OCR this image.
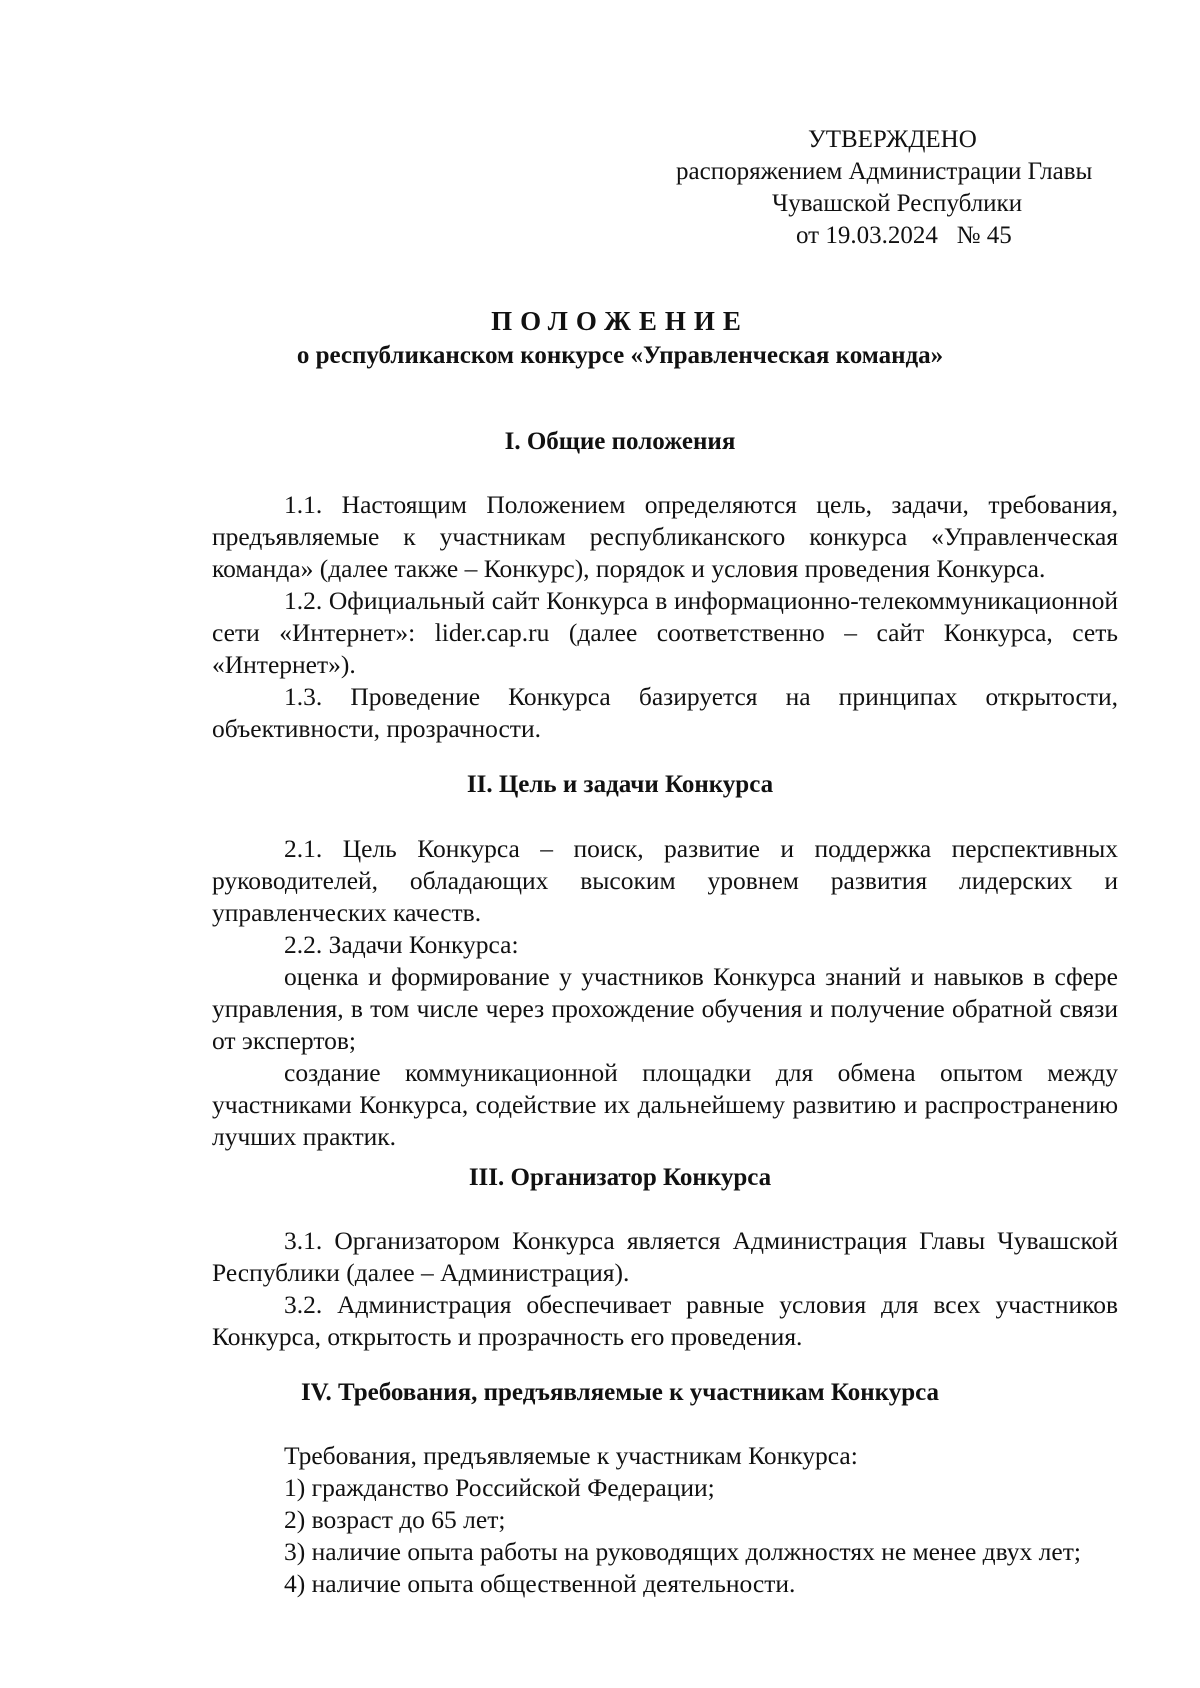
УТВЕРЖДЕНО
распоряжением Администрации Главы
Чувашской Республики
от 19.03.2024   № 45
ПОЛОЖЕНИЕ
о республиканском конкурсе «Управленческая команда»
I. Общие положения
1.1. Настоящим Положением определяются цель, задачи, требования, предъявляемые к участникам республиканского конкурса «Управленческая команда» (далее также – Конкурс), порядок и условия проведения Конкурса.
1.2. Официальный сайт Конкурса в информационно-телекоммуникационной сети «Интернет»: lider.cap.ru (далее соответственно – сайт Конкурса, сеть «Интернет»).
1.3. Проведение Конкурса базируется на принципах открытости, объективности, прозрачности.
II. Цель и задачи Конкурса
2.1. Цель Конкурса – поиск, развитие и поддержка перспективных руководителей, обладающих высоким уровнем развития лидерских и управленческих качеств.
2.2. Задачи Конкурса:
оценка и формирование у участников Конкурса знаний и навыков в сфере управления, в том числе через прохождение обучения и получение обратной связи от экспертов;
создание коммуникационной площадки для обмена опытом между участниками Конкурса, содействие их дальнейшему развитию и распространению лучших практик.
III. Организатор Конкурса
3.1. Организатором Конкурса является Администрация Главы Чувашской Республики (далее – Администрация).
3.2. Администрация обеспечивает равные условия для всех участников Конкурса, открытость и прозрачность его проведения.
IV. Требования, предъявляемые к участникам Конкурса
Требования, предъявляемые к участникам Конкурса:
1) гражданство Российской Федерации;
2) возраст до 65 лет;
3) наличие опыта работы на руководящих должностях не менее двух лет;
4) наличие опыта общественной деятельности.
